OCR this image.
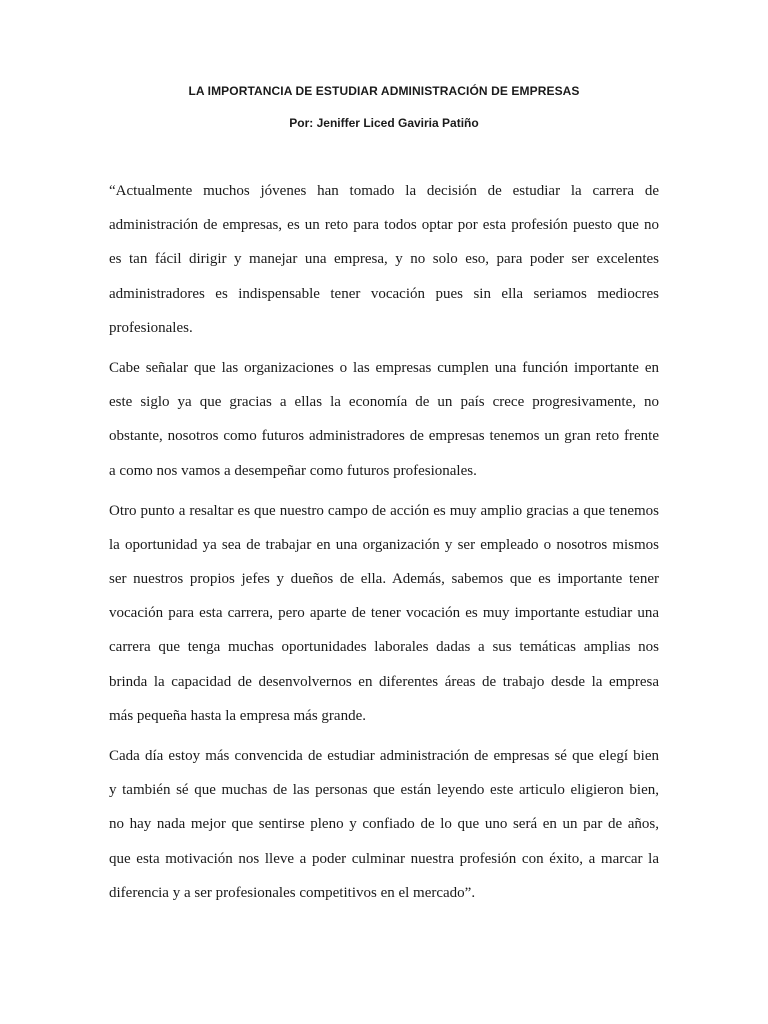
LA IMPORTANCIA DE ESTUDIAR ADMINISTRACIÓN DE EMPRESAS

Por: Jeniffer Liced Gaviria Patiño

“Actualmente muchos jóvenes han tomado la decisión de estudiar la carrera de
administración de empresas, es un reto para todos optar por esta profesión puesto que no
es tan fácil dirigir y manejar una empresa, y no solo eso, para poder ser excelentes
administradores es indispensable tener vocación pues sin ella seriamos mediocres
profesionales.
Cabe señalar que las organizaciones o las empresas cumplen una función importante en
este siglo ya que gracias a ellas la economía de un país crece progresivamente, no
obstante, nosotros como futuros administradores de empresas tenemos un gran reto frente
a como nos vamos a desempeñar como futuros profesionales.
Otro punto a resaltar es que nuestro campo de acción es muy amplio gracias a que tenemos
la oportunidad ya sea de trabajar en una organización y ser empleado o nosotros mismos
ser nuestros propios jefes y dueños de ella. Además, sabemos que es importante tener
vocación para esta carrera, pero aparte de tener vocación es muy importante estudiar una
carrera que tenga muchas oportunidades laborales dadas a sus temáticas amplias nos
brinda la capacidad de desenvolvernos en diferentes áreas de trabajo desde la empresa
más pequeña hasta la empresa más grande.
Cada día estoy más convencida de estudiar administración de empresas sé que elegí bien
y también sé que muchas de las personas que están leyendo este articulo eligieron bien,
no hay nada mejor que sentirse pleno y confiado de lo que uno será en un par de años,
que esta motivación nos lleve a poder culminar nuestra profesión con éxito, a marcar la
diferencia y a ser profesionales competitivos en el mercado”.
